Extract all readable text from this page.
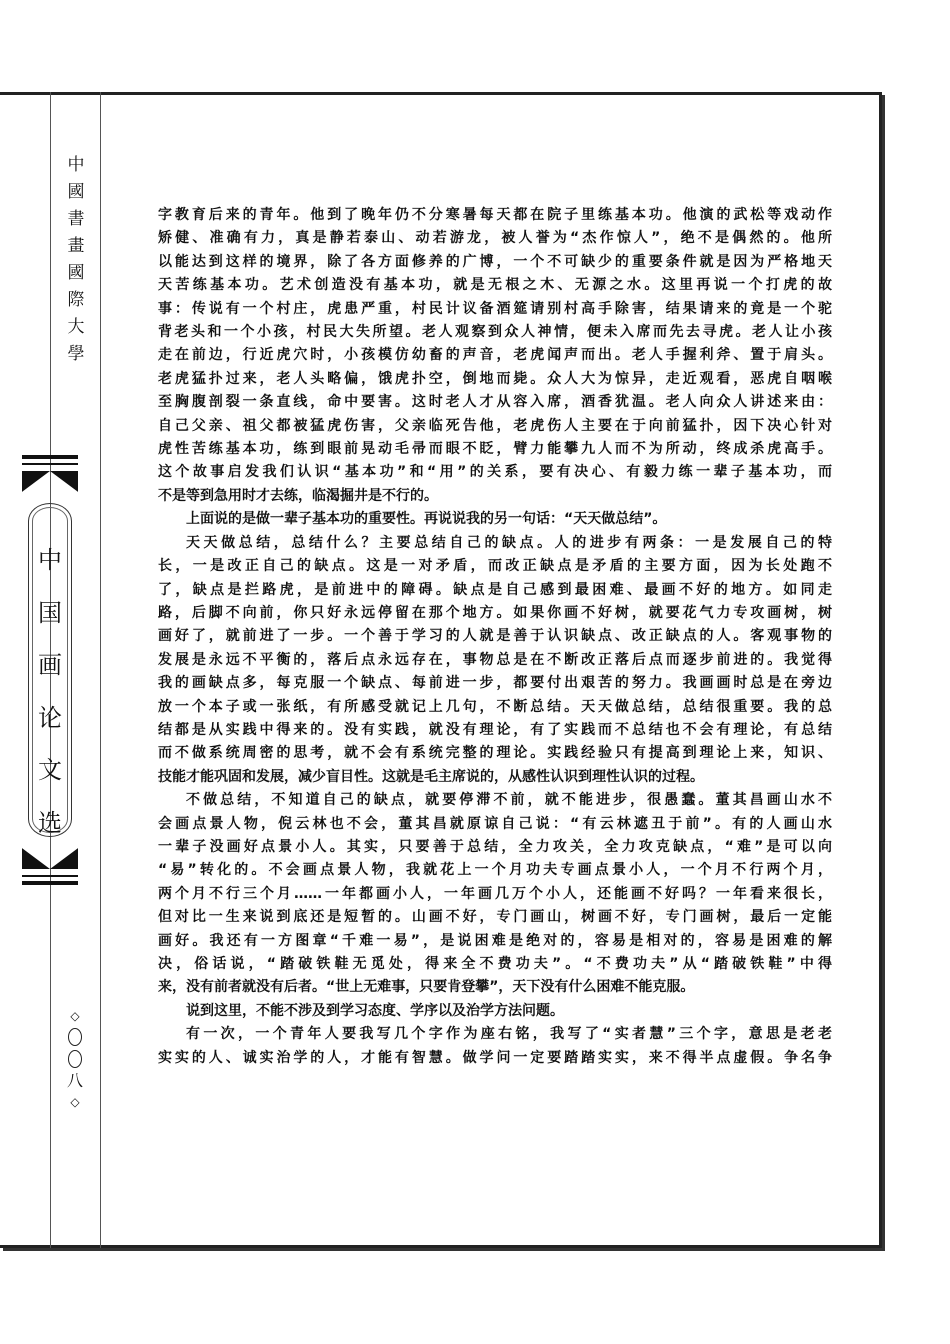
中
國
書
畫
國
際
大
學
中
国
画
论
文
选
◇
八
◇

字教育后来的青年。他到了晚年仍不分寒暑每天都在院子里练基本功。他演的武松等戏动作

矫健、准确有力，真是静若泰山、动若游龙，被人誉为“杰作惊人”，绝不是偶然的。他所

以能达到这样的境界，除了各方面修养的广博，一个不可缺少的重要条件就是因为严格地天

天苦练基本功。艺术创造没有基本功，就是无根之木、无源之水。这里再说一个打虎的故

事：传说有一个村庄，虎患严重，村民计议备酒筵请别村高手除害，结果请来的竟是一个驼

背老头和一个小孩，村民大失所望。老人观察到众人神情，便未入席而先去寻虎。老人让小孩

走在前边，行近虎穴时，小孩模仿幼畜的声音，老虎闻声而出。老人手握利斧、置于肩头。

老虎猛扑过来，老人头略偏，饿虎扑空，倒地而毙。众人大为惊异，走近观看，恶虎自咽喉

至胸腹剖裂一条直线，命中要害。这时老人才从容入席，酒香犹温。老人向众人讲述来由：

自己父亲、祖父都被猛虎伤害，父亲临死告他，老虎伤人主要在于向前猛扑，因下决心针对

虎性苦练基本功，练到眼前晃动毛帚而眼不眨，臂力能攀九人而不为所动，终成杀虎高手。

这个故事启发我们认识“基本功”和“用”的关系，要有决心、有毅力练一辈子基本功，而

不是等到急用时才去练，临渴掘井是不行的。

上面说的是做一辈子基本功的重要性。再说说我的另一句话：“天天做总结”。

天天做总结，总结什么？主要总结自己的缺点。人的进步有两条：一是发展自己的特

长，一是改正自己的缺点。这是一对矛盾，而改正缺点是矛盾的主要方面，因为长处跑不

了，缺点是拦路虎，是前进中的障碍。缺点是自己感到最困难、最画不好的地方。如同走

路，后脚不向前，你只好永远停留在那个地方。如果你画不好树，就要花气力专攻画树，树

画好了，就前进了一步。一个善于学习的人就是善于认识缺点、改正缺点的人。客观事物的

发展是永远不平衡的，落后点永远存在，事物总是在不断改正落后点而逐步前进的。我觉得

我的画缺点多，每克服一个缺点、每前进一步，都要付出艰苦的努力。我画画时总是在旁边

放一个本子或一张纸，有所感受就记上几句，不断总结。天天做总结，总结很重要。我的总

结都是从实践中得来的。没有实践，就没有理论，有了实践而不总结也不会有理论，有总结

而不做系统周密的思考，就不会有系统完整的理论。实践经验只有提高到理论上来，知识、

技能才能巩固和发展，减少盲目性。这就是毛主席说的，从感性认识到理性认识的过程。

不做总结，不知道自己的缺点，就要停滞不前，就不能进步，很愚蠢。董其昌画山水不

会画点景人物，倪云林也不会，董其昌就原谅自己说：“有云林遮丑于前”。有的人画山水

一辈子没画好点景小人。其实，只要善于总结，全力攻关，全力攻克缺点，“难”是可以向

“易”转化的。不会画点景人物，我就花上一个月功夫专画点景小人，一个月不行两个月，

两个月不行三个月……一年都画小人，一年画几万个小人，还能画不好吗？一年看来很长，

但对比一生来说到底还是短暂的。山画不好，专门画山，树画不好，专门画树，最后一定能

画好。我还有一方图章“千难一易”，是说困难是绝对的，容易是相对的，容易是困难的解

决，俗话说，“踏破铁鞋无觅处，得来全不费功夫”。“不费功夫”从“踏破铁鞋”中得

来，没有前者就没有后者。“世上无难事，只要肯登攀”，天下没有什么困难不能克服。

说到这里，不能不涉及到学习态度、学序以及治学方法问题。

有一次，一个青年人要我写几个字作为座右铭，我写了“实者慧”三个字，意思是老老

实实的人、诚实治学的人，才能有智慧。做学问一定要踏踏实实，来不得半点虚假。争名争
